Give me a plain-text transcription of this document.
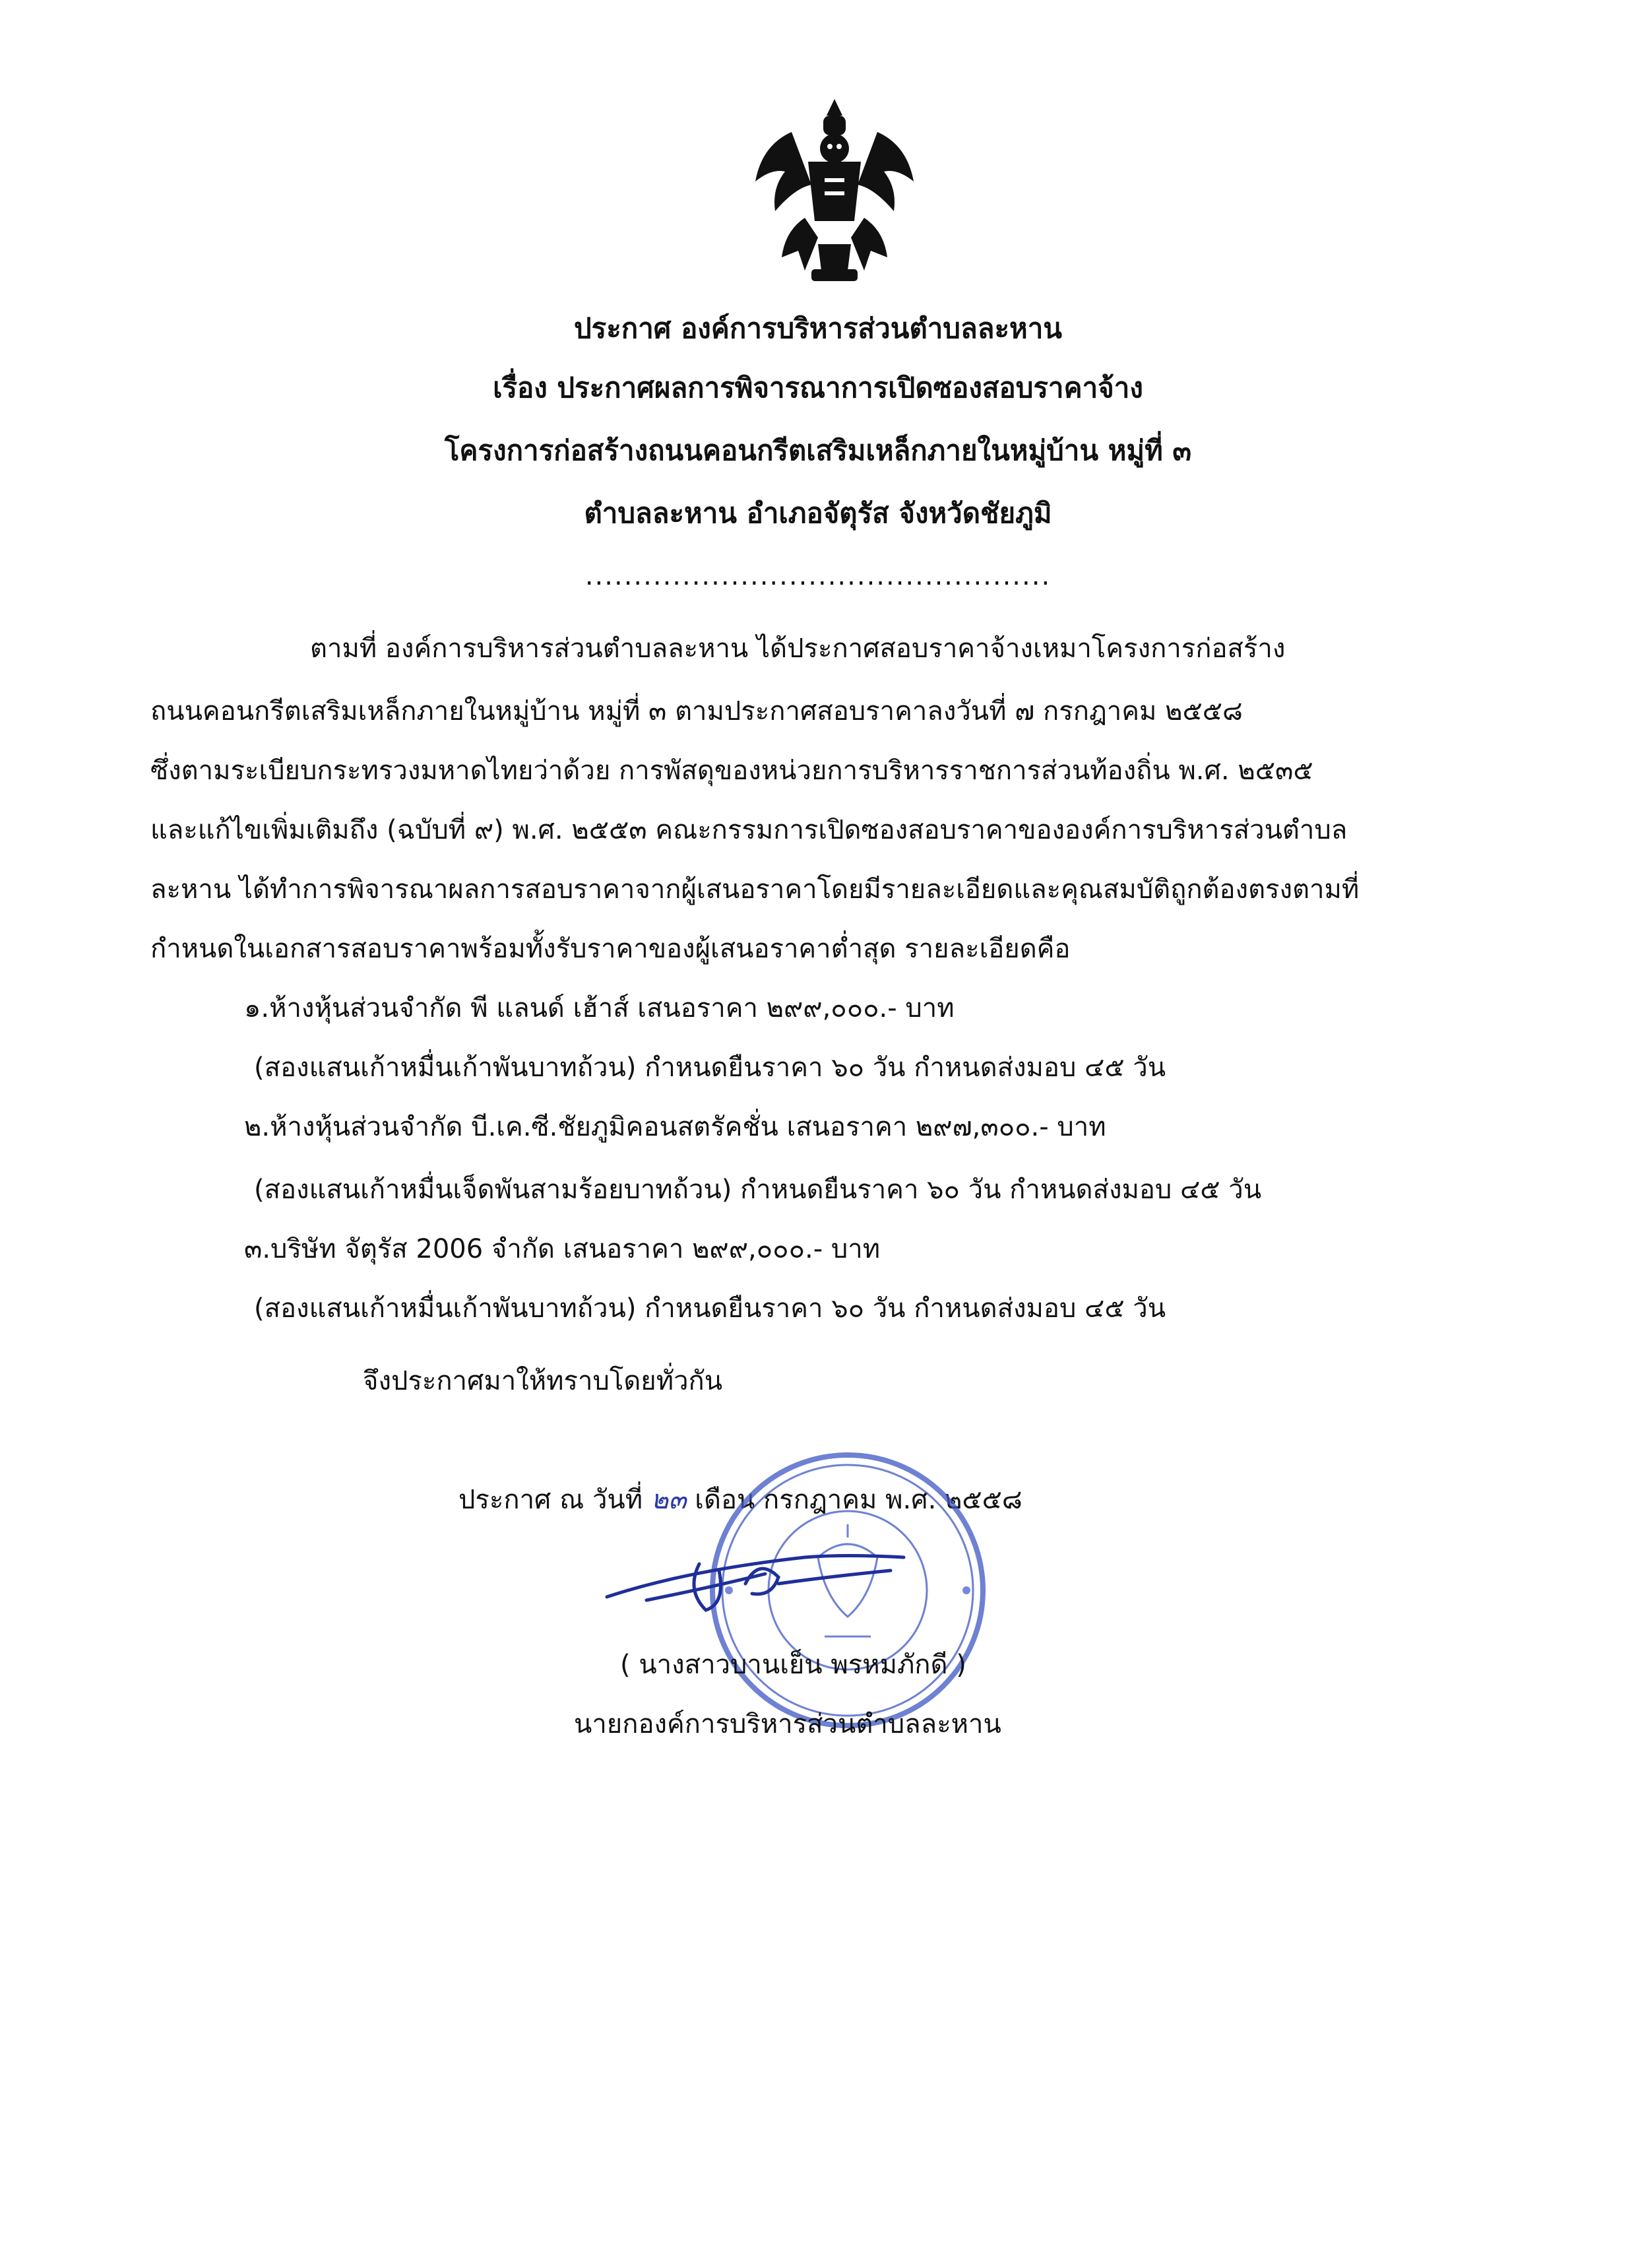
ประกาศ องค์การบริหารส่วนตำบลละหาน
เรื่อง ประกาศผลการพิจารณาการเปิดซองสอบราคาจ้าง
โครงการก่อสร้างถนนคอนกรีตเสริมเหล็กภายในหมู่บ้าน หมู่ที่ ๓
ตำบลละหาน อำเภอจัตุรัส จังหวัดชัยภูมิ
................................................
ตามที่ องค์การบริหารส่วนตำบลละหาน ได้ประกาศสอบราคาจ้างเหมาโครงการก่อสร้าง
ถนนคอนกรีตเสริมเหล็กภายในหมู่บ้าน หมู่ที่ ๓ ตามประกาศสอบราคาลงวันที่ ๗ กรกฎาคม ๒๕๕๘
ซึ่งตามระเบียบกระทรวงมหาดไทยว่าด้วย การพัสดุของหน่วยการบริหารราชการส่วนท้องถิ่น พ.ศ. ๒๕๓๕
และแก้ไขเพิ่มเติมถึง (ฉบับที่ ๙) พ.ศ. ๒๕๕๓ คณะกรรมการเปิดซองสอบราคาขององค์การบริหารส่วนตำบล
ละหาน ได้ทำการพิจารณาผลการสอบราคาจากผู้เสนอราคาโดยมีรายละเอียดและคุณสมบัติถูกต้องตรงตามที่
กำหนดในเอกสารสอบราคาพร้อมทั้งรับราคาของผู้เสนอราคาต่ำสุด รายละเอียดคือ
๑.ห้างหุ้นส่วนจำกัด พี แลนด์ เฮ้าส์ เสนอราคา ๒๙๙,๐๐๐.- บาท
(สองแสนเก้าหมื่นเก้าพันบาทถ้วน) กำหนดยืนราคา ๖๐ วัน กำหนดส่งมอบ ๔๕ วัน
๒.ห้างหุ้นส่วนจำกัด บี.เค.ซี.ชัยภูมิคอนสตรัคชั่น เสนอราคา ๒๙๗,๓๐๐.- บาท
(สองแสนเก้าหมื่นเจ็ดพันสามร้อยบาทถ้วน) กำหนดยืนราคา ๖๐ วัน กำหนดส่งมอบ ๔๕ วัน
๓.บริษัท จัตุรัส 2006 จำกัด เสนอราคา ๒๙๙,๐๐๐.- บาท
(สองแสนเก้าหมื่นเก้าพันบาทถ้วน) กำหนดยืนราคา ๖๐ วัน กำหนดส่งมอบ ๔๕ วัน
จึงประกาศมาให้ทราบโดยทั่วกัน
ประกาศ ณ วันที่ ๒๓ เดือน กรกฎาคม พ.ศ. ๒๕๕๘
( นางสาวบานเย็น พรหมภักดี )
นายกองค์การบริหารส่วนตำบลละหาน
